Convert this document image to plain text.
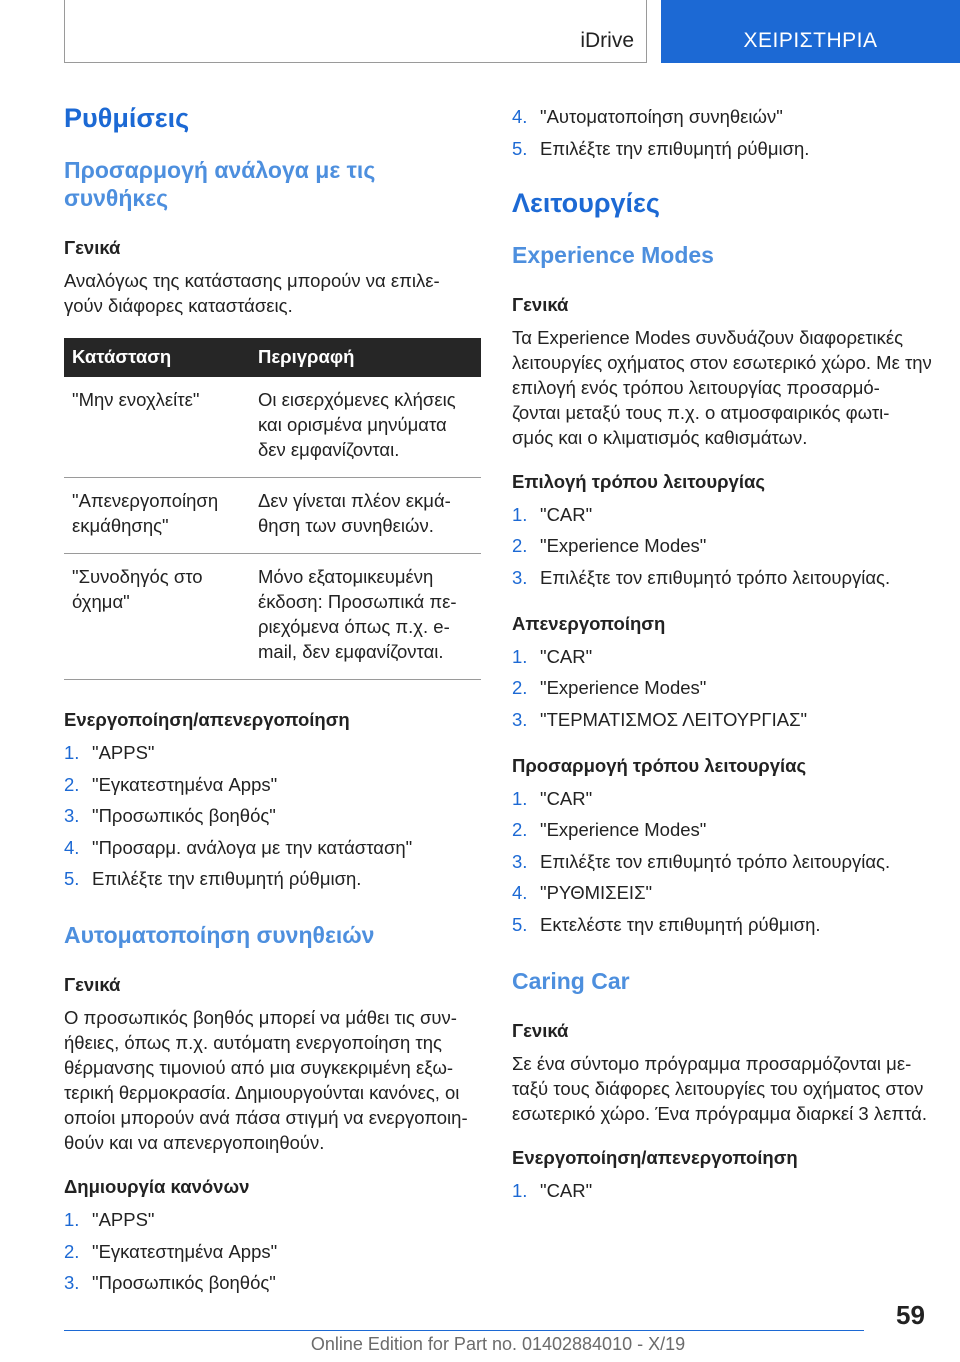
iDrive	ΧΕΙΡΙΣΤΗΡΙΑ
Ρυθμίσεις
Προσαρμογή ανάλογα με τις συνθήκες
Γενικά

Αναλόγως της κατάστασης μπορούν να επιλε‐ γούν διάφορες καταστάσεις.

Κατάσταση	Περιγραφή
"Μην ενοχλείτε"	Οι εισερχόμενες κλήσεις και ορισμένα μηνύματα δεν εμφανίζονται.
"Απενεργοποίηση εκμάθησης"	Δεν γίνεται πλέον εκμά‐ θηση των συνηθειών.
"Συνοδηγός στο όχημα"	Μόνο εξατομικευμένη έκδοση: Προσωπικά πε‐ ριεχόμενα όπως π.χ. e- mail, δεν εμφανίζονται.
Ενεργοποίηση/απενεργοποίηση
1. "APPS"
2. "Εγκατεστημένα Apps"
3. "Προσωπικός βοηθός"
4. "Προσαρμ. ανάλογα με την κατάσταση"
5. Επιλέξτε την επιθυμητή ρύθμιση.
Αυτοματοποίηση συνηθειών
Γενικά

Ο προσωπικός βοηθός μπορεί να μάθει τις συν‐ ήθειες, όπως π.χ. αυτόματη ενεργοποίηση της θέρμανσης τιμονιού από μια συγκεκριμένη εξω‐ τερική θερμοκρασία. Δημιουργούνται κανόνες, οι οποίοι μπορούν ανά πάσα στιγμή να ενεργοποιη‐ θούν και να απενεργοποιηθούν.

Δημιουργία κανόνων
1. "APPS"
2. "Εγκατεστημένα Apps"
3. "Προσωπικός βοηθός"
4. "Αυτοματοποίηση συνηθειών"
5. Επιλέξτε την επιθυμητή ρύθμιση.
Λειτουργίες
Experience Modes
Γενικά

Τα Experience Modes συνδυάζουν διαφορετικές λειτουργίες οχήματος στον εσωτερικό χώρο. Με την επιλογή ενός τρόπου λειτουργίας προσαρμό‐ ζονται μεταξύ τους π.χ. ο ατμοσφαιρικός φωτι‐ σμός και ο κλιματισμός καθισμάτων.

Επιλογή τρόπου λειτουργίας
1. "CAR"
2. "Experience Modes"
3. Επιλέξτε τον επιθυμητό τρόπο λειτουργίας.
Απενεργοποίηση
1. "CAR"
2. "Experience Modes"
3. "ΤΕΡΜΑΤΙΣΜΟΣ ΛΕΙΤΟΥΡΓΙΑΣ"
Προσαρμογή τρόπου λειτουργίας
1. "CAR"
2. "Experience Modes"
3. Επιλέξτε τον επιθυμητό τρόπο λειτουργίας.
4. "ΡΥΘΜΙΣΕΙΣ"
5. Εκτελέστε την επιθυμητή ρύθμιση.
Caring Car
Γενικά

Σε ένα σύντομο πρόγραμμα προσαρμόζονται με‐ ταξύ τους διάφορες λειτουργίες του οχήματος στον εσωτερικό χώρο. Ένα πρόγραμμα διαρκεί 3 λεπτά.

Ενεργοποίηση/απενεργοποίηση
1. "CAR"
59
Online Edition for Part no. 01402884010 - X/19
